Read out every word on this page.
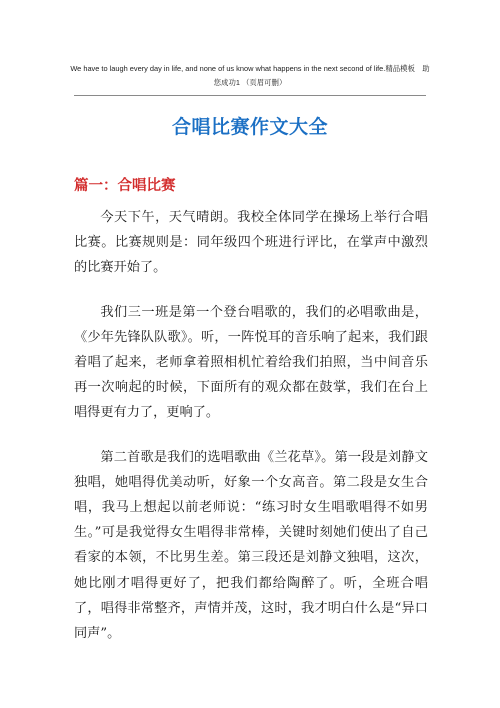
We have to laugh every day in life, and none of us know what happens in the next second of life.精品模板　助
您成功1 （页眉可删）
合唱比赛作文大全
篇一：合唱比赛

今天下午，天气晴朗。我校全体同学在操场上举行合唱比赛。比赛规则是：同年级四个班进行评比，在掌声中激烈的比赛开始了。

我们三一班是第一个登台唱歌的，我们的必唱歌曲是，《少年先锋队队歌》。听，一阵悦耳的音乐响了起来，我们跟着唱了起来，老师拿着照相机忙着给我们拍照，当中间音乐再一次响起的时候，下面所有的观众都在鼓掌，我们在台上唱得更有力了，更响了。

第二首歌是我们的选唱歌曲《兰花草》。第一段是刘静文独唱，她唱得优美动听，好象一个女高音。第二段是女生合唱，我马上想起以前老师说：“练习时女生唱歌唱得不如男生。”可是我觉得女生唱得非常棒，关键时刻她们使出了自己看家的本领，不比男生差。第三段还是刘静文独唱，这次，她比刚才唱得更好了，把我们都给陶醉了。听，全班合唱了，唱得非常整齐，声情并茂，这时，我才明白什么是“异口同声”。
